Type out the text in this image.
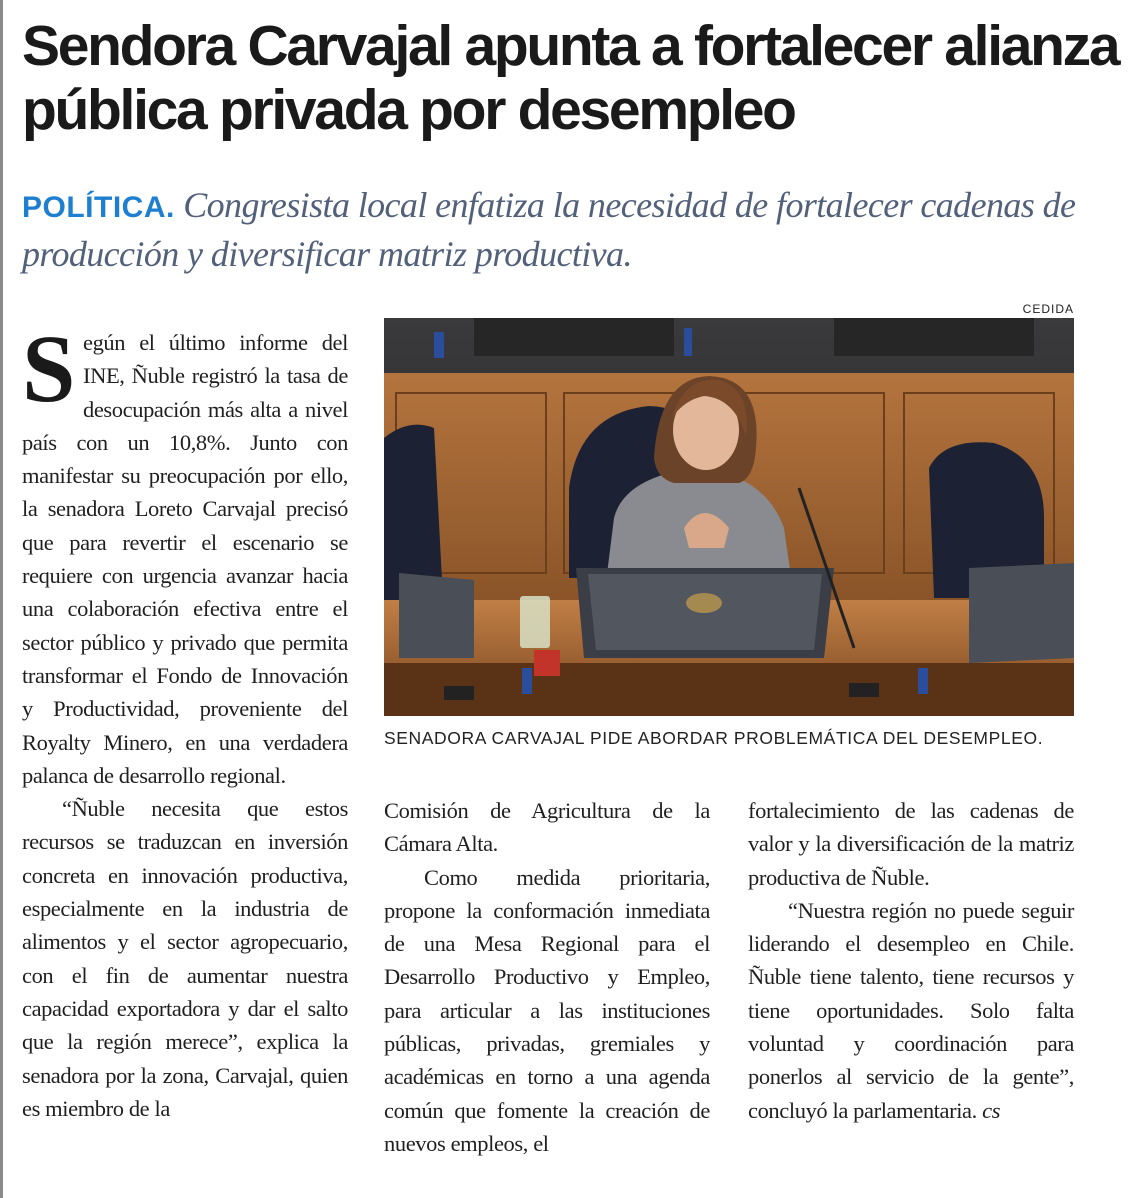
Sendora Carvajal apunta a fortalecer alianza pública privada por desempleo
POLÍTICA. Congresista local enfatiza la necesidad de fortalecer cadenas de producción y diversificar matriz productiva.
CEDIDA
SENADORA CARVAJAL PIDE ABORDAR PROBLEMÁTICA DEL DESEMPLEO.

S egún el último informe del INE, Ñuble registró la tasa de desocupación más alta a nivel país con un 10,8%. Junto con manifestar su preocupación por ello, la senadora Loreto Carvajal precisó que para revertir el escenario se requiere con urgencia avanzar hacia una colaboración efectiva entre el sector público y privado que permita transformar el Fondo de Innovación y Productividad, proveniente del Royalty Minero, en una verdadera palanca de desarrollo regional.

“Ñuble necesita que estos recursos se traduzcan en inversión concreta en innovación productiva, especialmente en la industria de alimentos y el sector agropecuario, con el fin de aumentar nuestra capacidad exportadora y dar el salto que la región merece”, explica la senadora por la zona, Carvajal, quien es miembro de la

Comisión de Agricultura de la Cámara Alta.

Como medida prioritaria, propone la conformación inmediata de una Mesa Regional para el Desarrollo Productivo y Empleo, para articular a las instituciones públicas, privadas, gremiales y académicas en torno a una agenda común que fomente la creación de nuevos empleos, el

fortalecimiento de las cadenas de valor y la diversificación de la matriz productiva de Ñuble.

“Nuestra región no puede seguir liderando el desempleo en Chile. Ñuble tiene talento, tiene recursos y tiene oportunidades. Solo falta voluntad y coordinación para ponerlos al servicio de la gente”, concluyó la parlamentaria. cs
